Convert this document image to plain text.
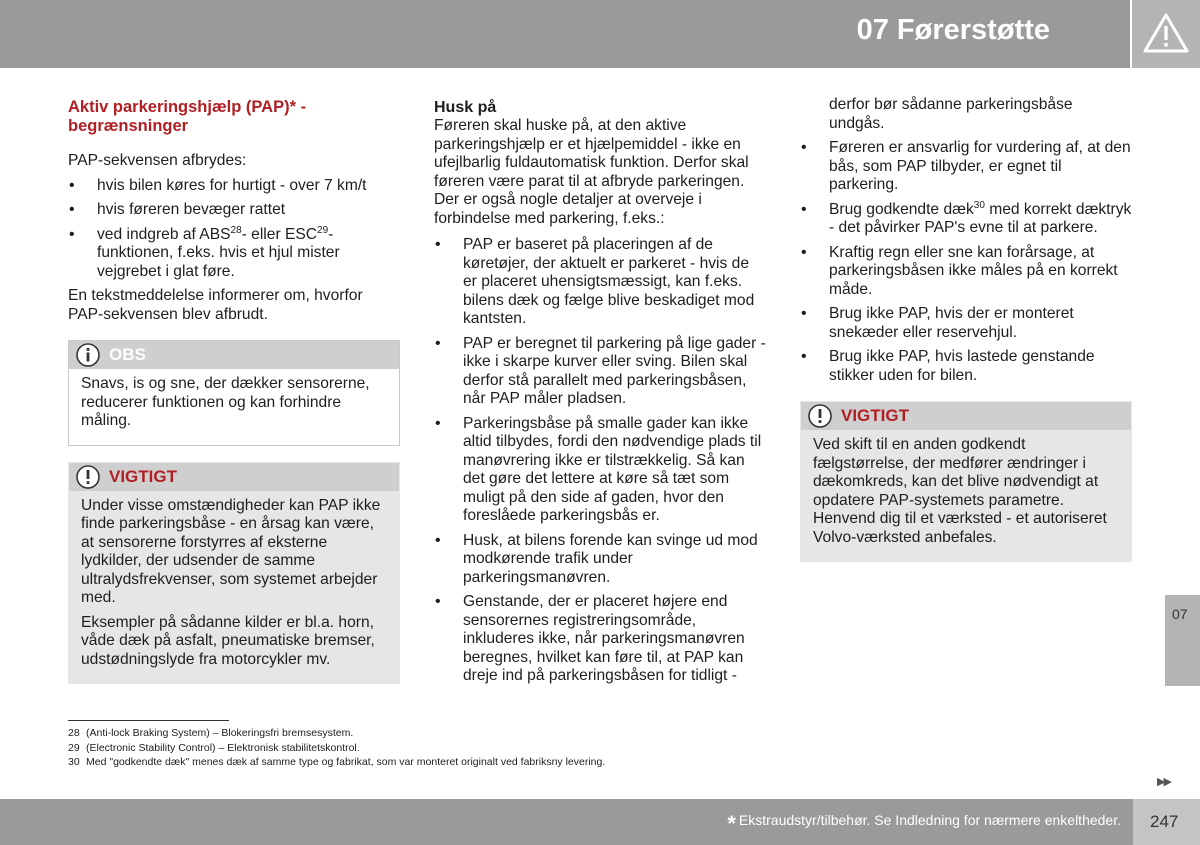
07 Førerstøtte
Aktiv parkeringshjælp (PAP)* - begrænsninger

PAP-sekvensen afbrydes:

• hvis bilen køres for hurtigt - over 7 km/t
• hvis føreren bevæger rattet
• ved indgreb af ABS$^{28}$- eller ESC$^{29}$-funktionen, f.eks. hvis et hjul mister vejgrebet i glat føre.

En tekstmeddelelse informerer om, hvorfor PAP-sekvensen blev afbrudt.

OBS

Snavs, is og sne, der dækker sensorerne, reducerer funktionen og kan forhindre måling.

VIGTIGT

Under visse omstændigheder kan PAP ikke finde parkeringsbåse - en årsag kan være, at sensorerne forstyrres af eksterne lydkilder, der udsender de samme ultralydsfrekvenser, som systemet arbejder med.

Eksempler på sådanne kilder er bl.a. horn, våde dæk på asfalt, pneumatiske bremser, udstødningslyde fra motorcykler mv.

Husk på

Føreren skal huske på, at den aktive parkeringshjælp er et hjælpemiddel - ikke en ufejlbarlig fuldautomatisk funktion. Derfor skal føreren være parat til at afbryde parkeringen. Der er også nogle detaljer at overveje i forbindelse med parkering, f.eks.:

• PAP er baseret på placeringen af de køretøjer, der aktuelt er parkeret - hvis de er placeret uhensigtsmæssigt, kan f.eks. bilens dæk og fælge blive beskadiget mod kantsten.
• PAP er beregnet til parkering på lige gader - ikke i skarpe kurver eller sving. Bilen skal derfor stå parallelt med parkeringsbåsen, når PAP måler pladsen.
• Parkeringsbåse på smalle gader kan ikke altid tilbydes, fordi den nødvendige plads til manøvrering ikke er tilstrækkelig. Så kan det gøre det lettere at køre så tæt som muligt på den side af gaden, hvor den foreslåede parkeringsbås er.
• Husk, at bilens forende kan svinge ud mod modkørende trafik under parkeringsmanøvren.
• Genstande, der er placeret højere end sensorernes registreringsområde, inkluderes ikke, når parkeringsmanøvren beregnes, hvilket kan føre til, at PAP kan dreje ind på parkeringsbåsen for tidligt -
derfor bør sådanne parkeringsbåse undgås.
• Føreren er ansvarlig for vurdering af, at den bås, som PAP tilbyder, er egnet til parkering.
• Brug godkendte dæk$^{30}$ med korrekt dæktryk - det påvirker PAP's evne til at parkere.
• Kraftig regn eller sne kan forårsage, at parkeringsbåsen ikke måles på en korrekt måde.
• Brug ikke PAP, hvis der er monteret snekæder eller reservehjul.
• Brug ikke PAP, hvis lastede genstande stikker uden for bilen.
VIGTIGT

Ved skift til en anden godkendt fælgstørrelse, der medfører ændringer i dækomkreds, kan det blive nødvendigt at opdatere PAP-systemets parametre. Henvend dig til et værksted - et autoriseret Volvo-værksted anbefales.

07
28 (Anti-lock Braking System) – Blokeringsfri bremsesystem.
29 (Electronic Stability Control) – Elektronisk stabilitetskontrol.
30 Med "godkendte dæk" menes dæk af samme type og fabrikat, som var monteret originalt ved fabriksny levering.
▶▶
* Ekstraudstyr/tilbehør. Se Indledning for nærmere enkeltheder. 247
